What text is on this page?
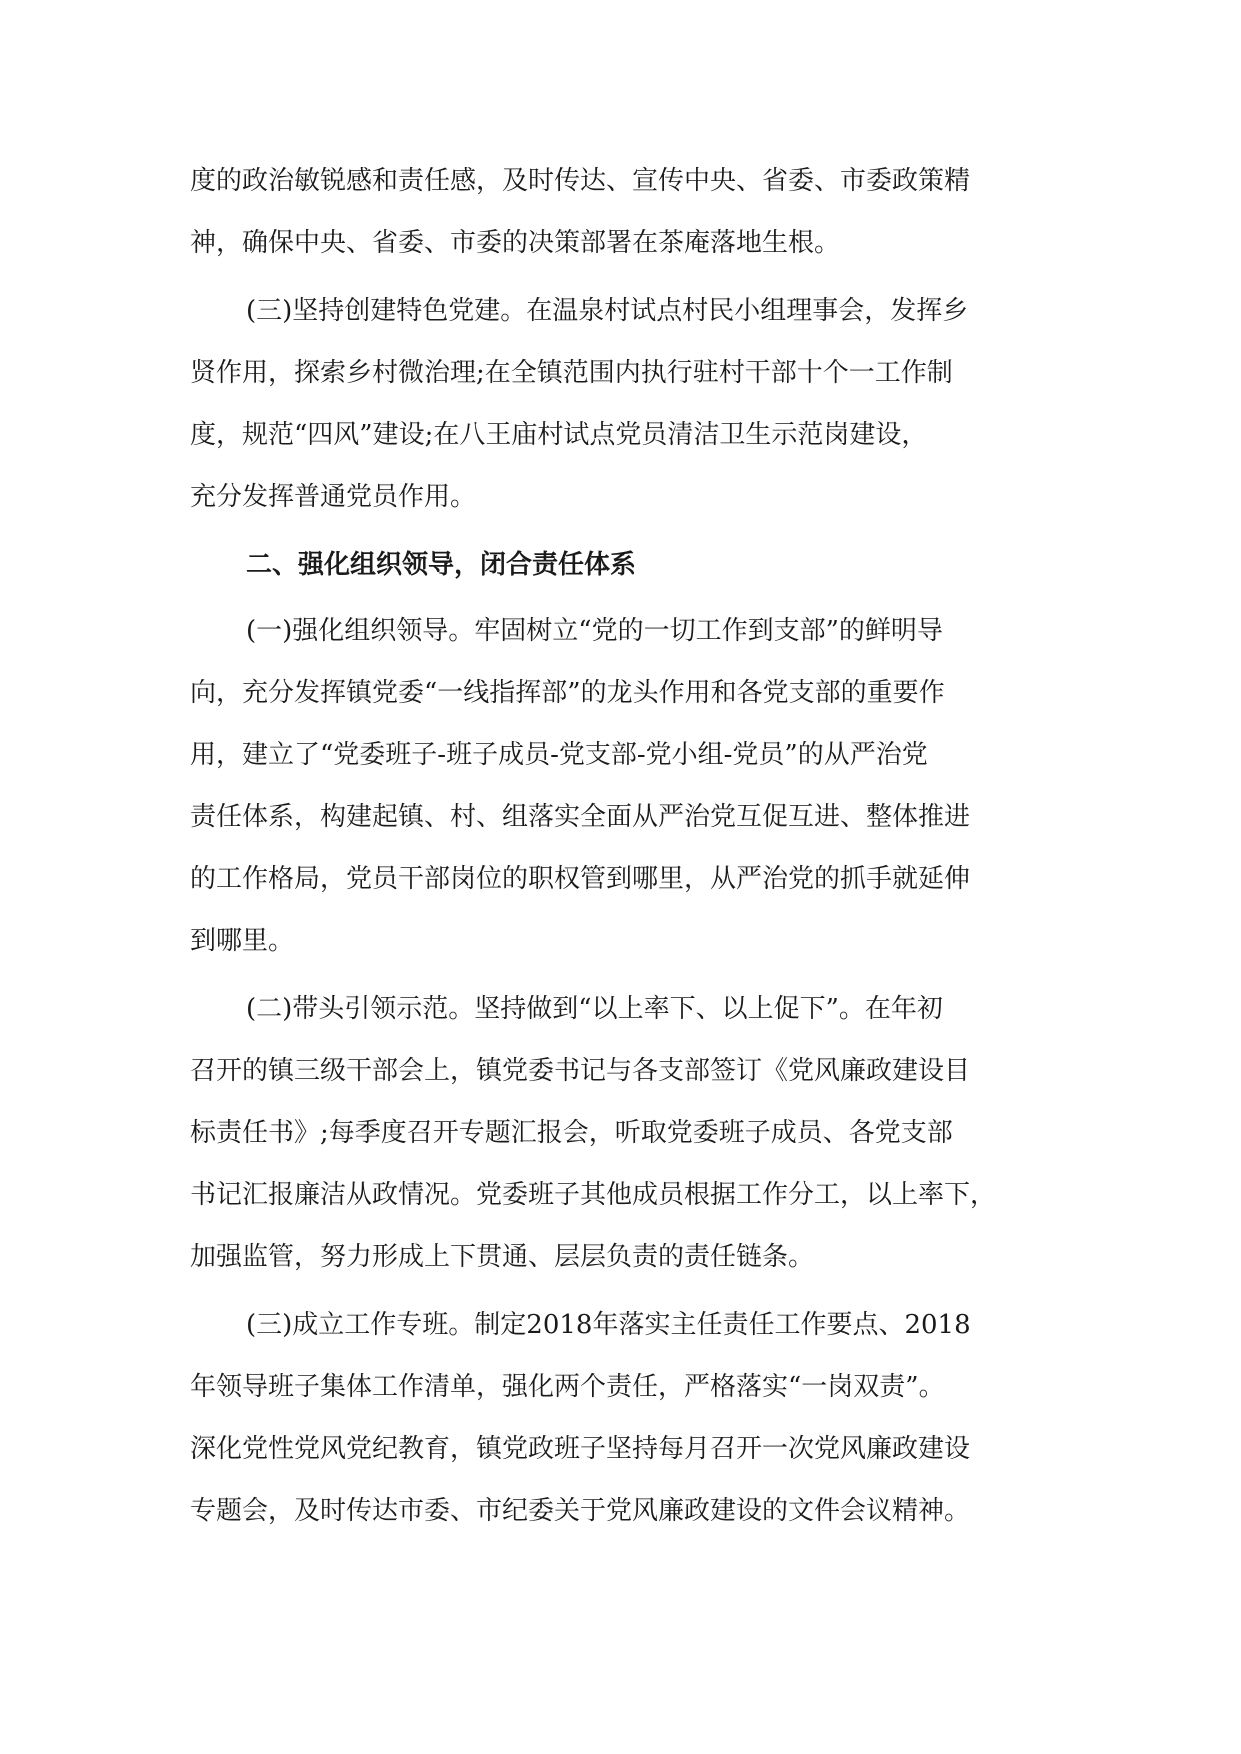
度的政治敏锐感和责任感，及时传达、宣传中央、省委、市委政策精
神，确保中央、省委、市委的决策部署在茶庵落地生根。
(三)坚持创建特色党建。在温泉村试点村民小组理事会，发挥乡
贤作用，探索乡村微治理;在全镇范围内执行驻村干部十个一工作制
度，规范“四风”建设;在八王庙村试点党员清洁卫生示范岗建设，
充分发挥普通党员作用。
二、强化组织领导，闭合责任体系
(一)强化组织领导。牢固树立“党的一切工作到支部”的鲜明导
向，充分发挥镇党委“一线指挥部”的龙头作用和各党支部的重要作
用，建立了“党委班子-班子成员-党支部-党小组-党员”的从严治党
责任体系，构建起镇、村、组落实全面从严治党互促互进、整体推进
的工作格局，党员干部岗位的职权管到哪里，从严治党的抓手就延伸
到哪里。
(二)带头引领示范。坚持做到“以上率下、以上促下”。在年初
召开的镇三级干部会上，镇党委书记与各支部签订《党风廉政建设目
标责任书》;每季度召开专题汇报会，听取党委班子成员、各党支部
书记汇报廉洁从政情况。党委班子其他成员根据工作分工，以上率下，
加强监管，努力形成上下贯通、层层负责的责任链条。
(三)成立工作专班。制定2018年落实主任责任工作要点、2018
年领导班子集体工作清单，强化两个责任，严格落实“一岗双责”。
深化党性党风党纪教育，镇党政班子坚持每月召开一次党风廉政建设
专题会，及时传达市委、市纪委关于党风廉政建设的文件会议精神。
